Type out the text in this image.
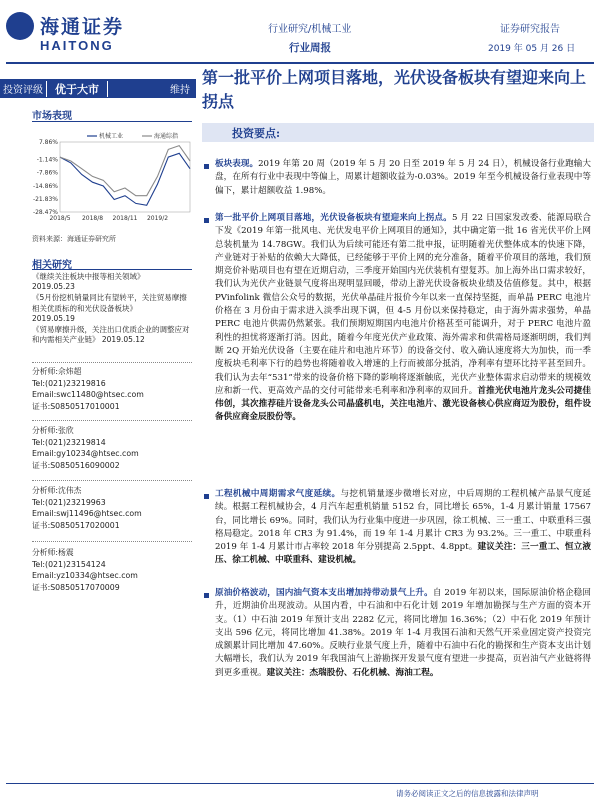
海通证券
HAITONG
行业研究/机械工业
行业周报
证券研究报告
2019 年 05 月 26 日
投资评级	优于大市	维持
第一批平价上网项目落地，光伏设备板块有望迎来向上拐点
市场表现
7.86%
-1.14%
-7.86%
-14.86%
-21.83%
-28.47%
2018/5 2018/8 2018/11 2019/2
机械工业	海通综指
资料来源：海通证券研究所
相关研究
《继续关注板块中报等相关领域》
2019.05.23
《5月份挖机销量同比有望转平，关注贸易摩擦相关优质标的和光伏设备板块》
2019.05.19
《贸易摩擦升级，关注出口优质企业的调整应对和内需相关产业链》 2019.05.12
分析师:佘炜超
Tel:(021)23219816
Email:swc11480@htsec.com
证书:S0850517010001
分析师:张欣
Tel:(021)23219814
Email:gy10234@htsec.com
证书:S0850516090002
分析师:沈伟杰
Tel:(021)23219963
Email:swj11496@htsec.com
证书:S0850517020001
分析师:杨震
Tel:(021)23154124
Email:yz10334@htsec.com
证书:S0850517070009
投资要点:
板块表现。2019 年第 20 周（2019 年 5 月 20 日至 2019 年 5 月 24 日），机械设备行业跑输大盘，在所有行业中表现中等偏上，周累计超额收益为-0.03%。2019 年至今机械设备行业表现中等偏下，累计超额收益 1.98%。
第一批平价上网项目落地，光伏设备板块有望迎来向上拐点。5 月 22 日国家发改委、能源局联合下发《2019 年第一批风电、光伏发电平价上网项目的通知》，其中确定第一批 16 省光伏平价上网总装机量为 14.78GW。我们认为后续可能还有第二批申报，证明随着光伏整体成本的快速下降，产业链对于补贴的依赖大大降低，已经能够于平价上网的充分准备，随着平价项目的落地，我们预期竞价补贴项目也有望在近期启动，三季度开始国内光伏装机有望复苏。加上海外出口需求较好，我们认为光伏产业链景气度将出现明显回暖，带动上游光伏设备板块业绩及估值修复。其中，根据 PVinfolink 微信公众号的数据，光伏单晶硅片报价今年以来一直保持坚挺，而单晶 PERC 电池片价格在 3 月份由于需求进入淡季出现下调，但 4-5 月份以来保持稳定，由于海外需求强势，单晶 PERC 电池片供需仍然紧张。我们预期短期国内电池片价格甚至可能调升，对于 PERC 电池片盈利性的担忧将逐渐打消。因此，随着今年度光伏产业政策、海外需求和供需格局逐渐明朗，我们判断 2Q 开始光伏设备（主要在硅片和电池片环节）的设备交付、收入确认速度将大为加快，而一季度板块毛利率下行的趋势也将随着收入增速的上行而被部分抵消，净利率有望环比持平甚至回升。我们认为去年“531”带来的设备价格下降的影响将逐渐触底，光伏产业整体需求启动带来的规模效应和新一代、更高效产品的交付可能带来毛利率和净利率的双回升。首推光伏电池片龙头公司捷佳伟创，其次推荐硅片设备龙头公司晶盛机电，关注电池片、激光设备核心供应商迈为股份，组件设备供应商金辰股份等。
工程机械中周期需求气度延续。与挖机销量逐步微增长对应，中后周期的工程机械产品景气度延续。根据工程机械协会，4 月汽车起重机销量 5152 台，同比增长 65%，1-4 月累计销量 17567 台，同比增长 69%。同时，我们认为行业集中度进一步巩固，徐工机械、三一重工、中联重科三强格局稳定。2018 年 CR3 为 91.4%，而 19 年 1-4 月累计 CR3 为 93.2%。三一重工、中联重科 2019 年 1-4 月累计市占率较 2018 年分别提高 2.5ppt、4.8ppt。建议关注：三一重工、恒立液压、徐工机械、中联重科、建设机械。
原油价格波动，国内油气资本支出增加持带动景气上升。自 2019 年初以来，国际原油价格企稳回升，近期油价出现波动。从国内看，中石油和中石化计划 2019 年增加勘探与生产方面的资本开支。（1）中石油 2019 年预计支出 2282 亿元，将同比增加 16.36%；（2）中石化 2019 年预计支出 596 亿元，将同比增加 41.38%。2019 年 1-4 月我国石油和天然气开采业固定资产投资完成额累计同比增加 47.60%。反映行业景气度上升，随着中石油中石化的勘探和生产资本支出计划大幅增长，我们认为 2019 年我国油气上游勘探开发景气度有望进一步提高，页岩油气产业链将得到更多重视。建议关注：杰瑞股份、石化机械、海油工程。
请务必阅读正文之后的信息披露和法律声明
